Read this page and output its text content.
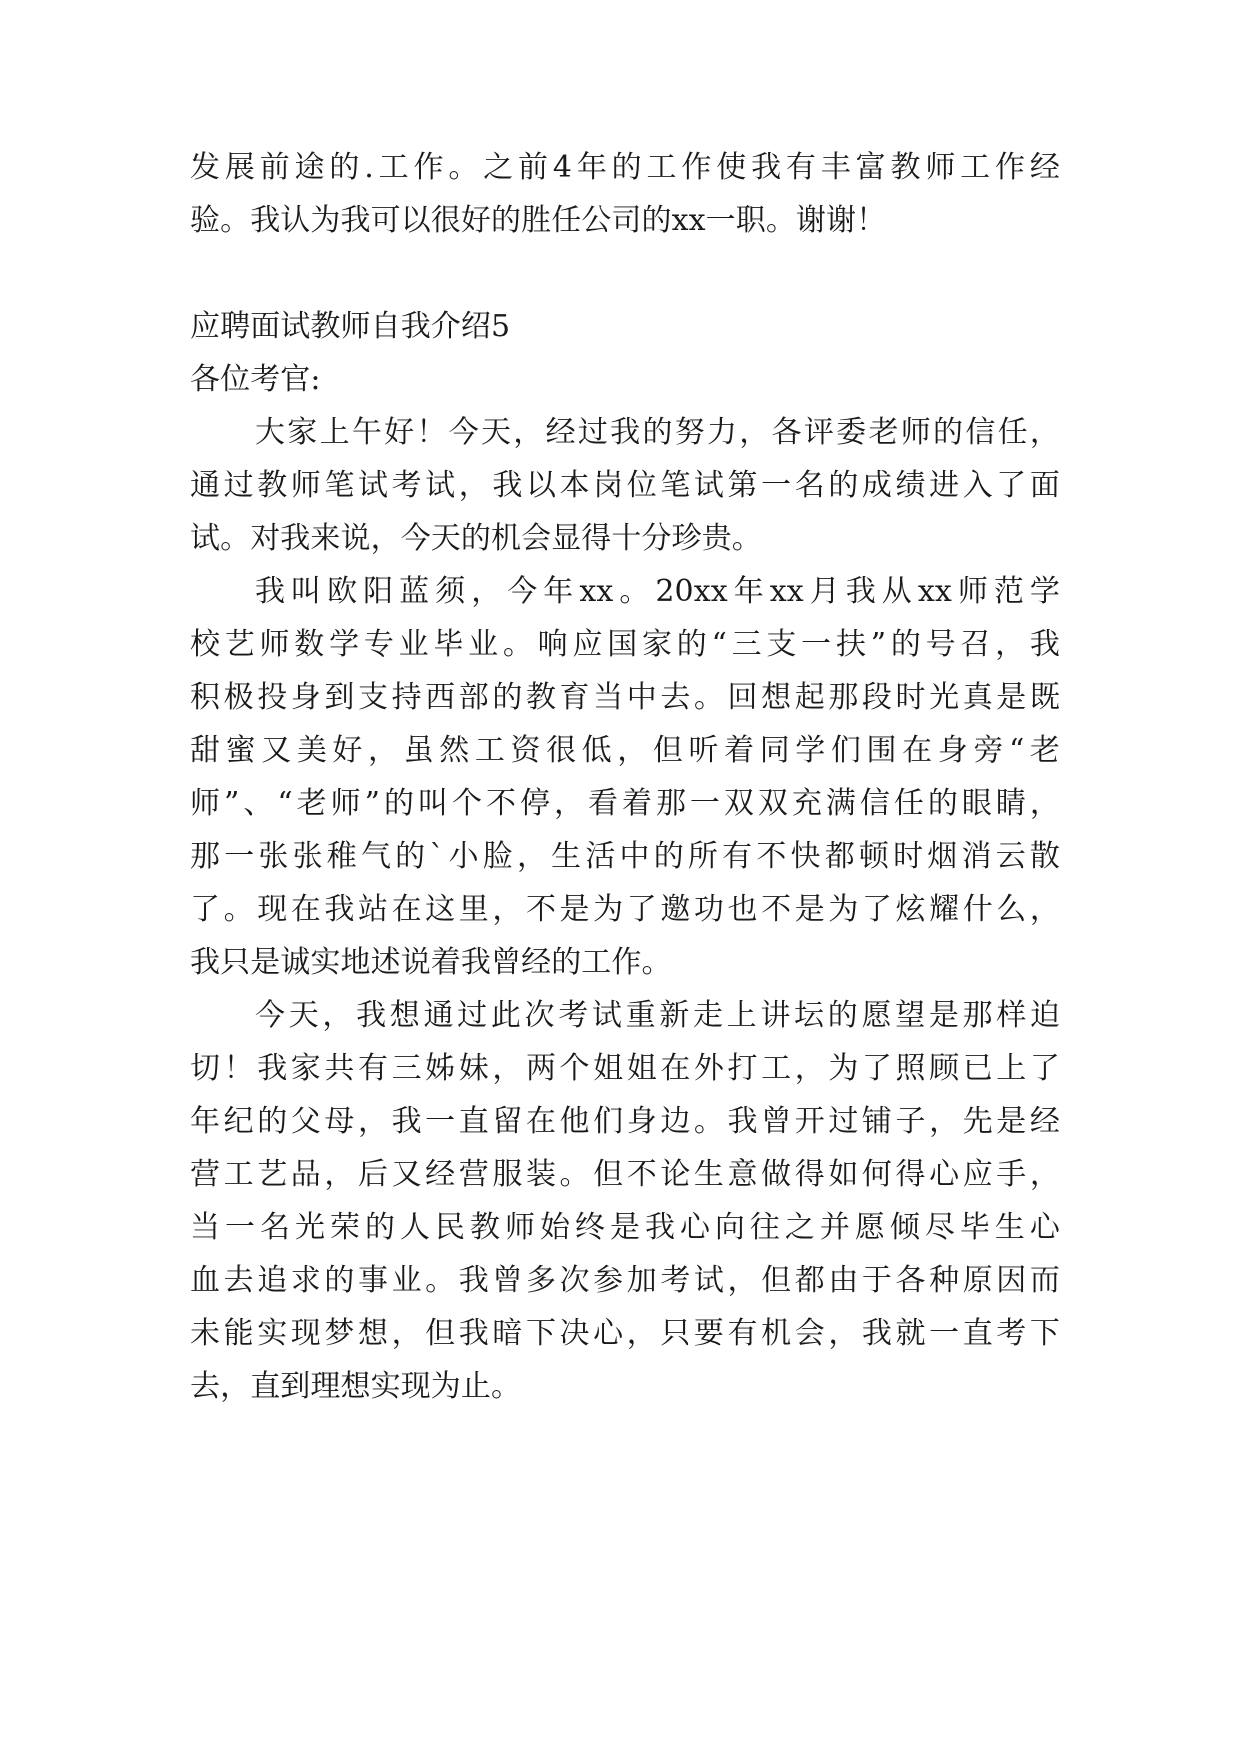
发展前途的.工作。之前4年的工作使我有丰富教师工作经
验。我认为我可以很好的胜任公司的xx一职。谢谢！
应聘面试教师自我介绍5
各位考官:
大家上午好！今天，经过我的努力，各评委老师的信任，
通过教师笔试考试，我以本岗位笔试第一名的成绩进入了面
试。对我来说，今天的机会显得十分珍贵。
我叫欧阳蓝须，今年xx。20xx年xx月我从xx师范学
校艺师数学专业毕业。响应国家的“三支一扶”的号召，我
积极投身到支持西部的教育当中去。回想起那段时光真是既
甜蜜又美好，虽然工资很低，但听着同学们围在身旁“老
师”、“老师”的叫个不停，看着那一双双充满信任的眼睛，
那一张张稚气的`小脸，生活中的所有不快都顿时烟消云散
了。现在我站在这里，不是为了邀功也不是为了炫耀什么，
我只是诚实地述说着我曾经的工作。
今天，我想通过此次考试重新走上讲坛的愿望是那样迫
切！我家共有三姊妹，两个姐姐在外打工，为了照顾已上了
年纪的父母，我一直留在他们身边。我曾开过铺子，先是经
营工艺品，后又经营服装。但不论生意做得如何得心应手，
当一名光荣的人民教师始终是我心向往之并愿倾尽毕生心
血去追求的事业。我曾多次参加考试，但都由于各种原因而
未能实现梦想，但我暗下决心，只要有机会，我就一直考下
去，直到理想实现为止。
